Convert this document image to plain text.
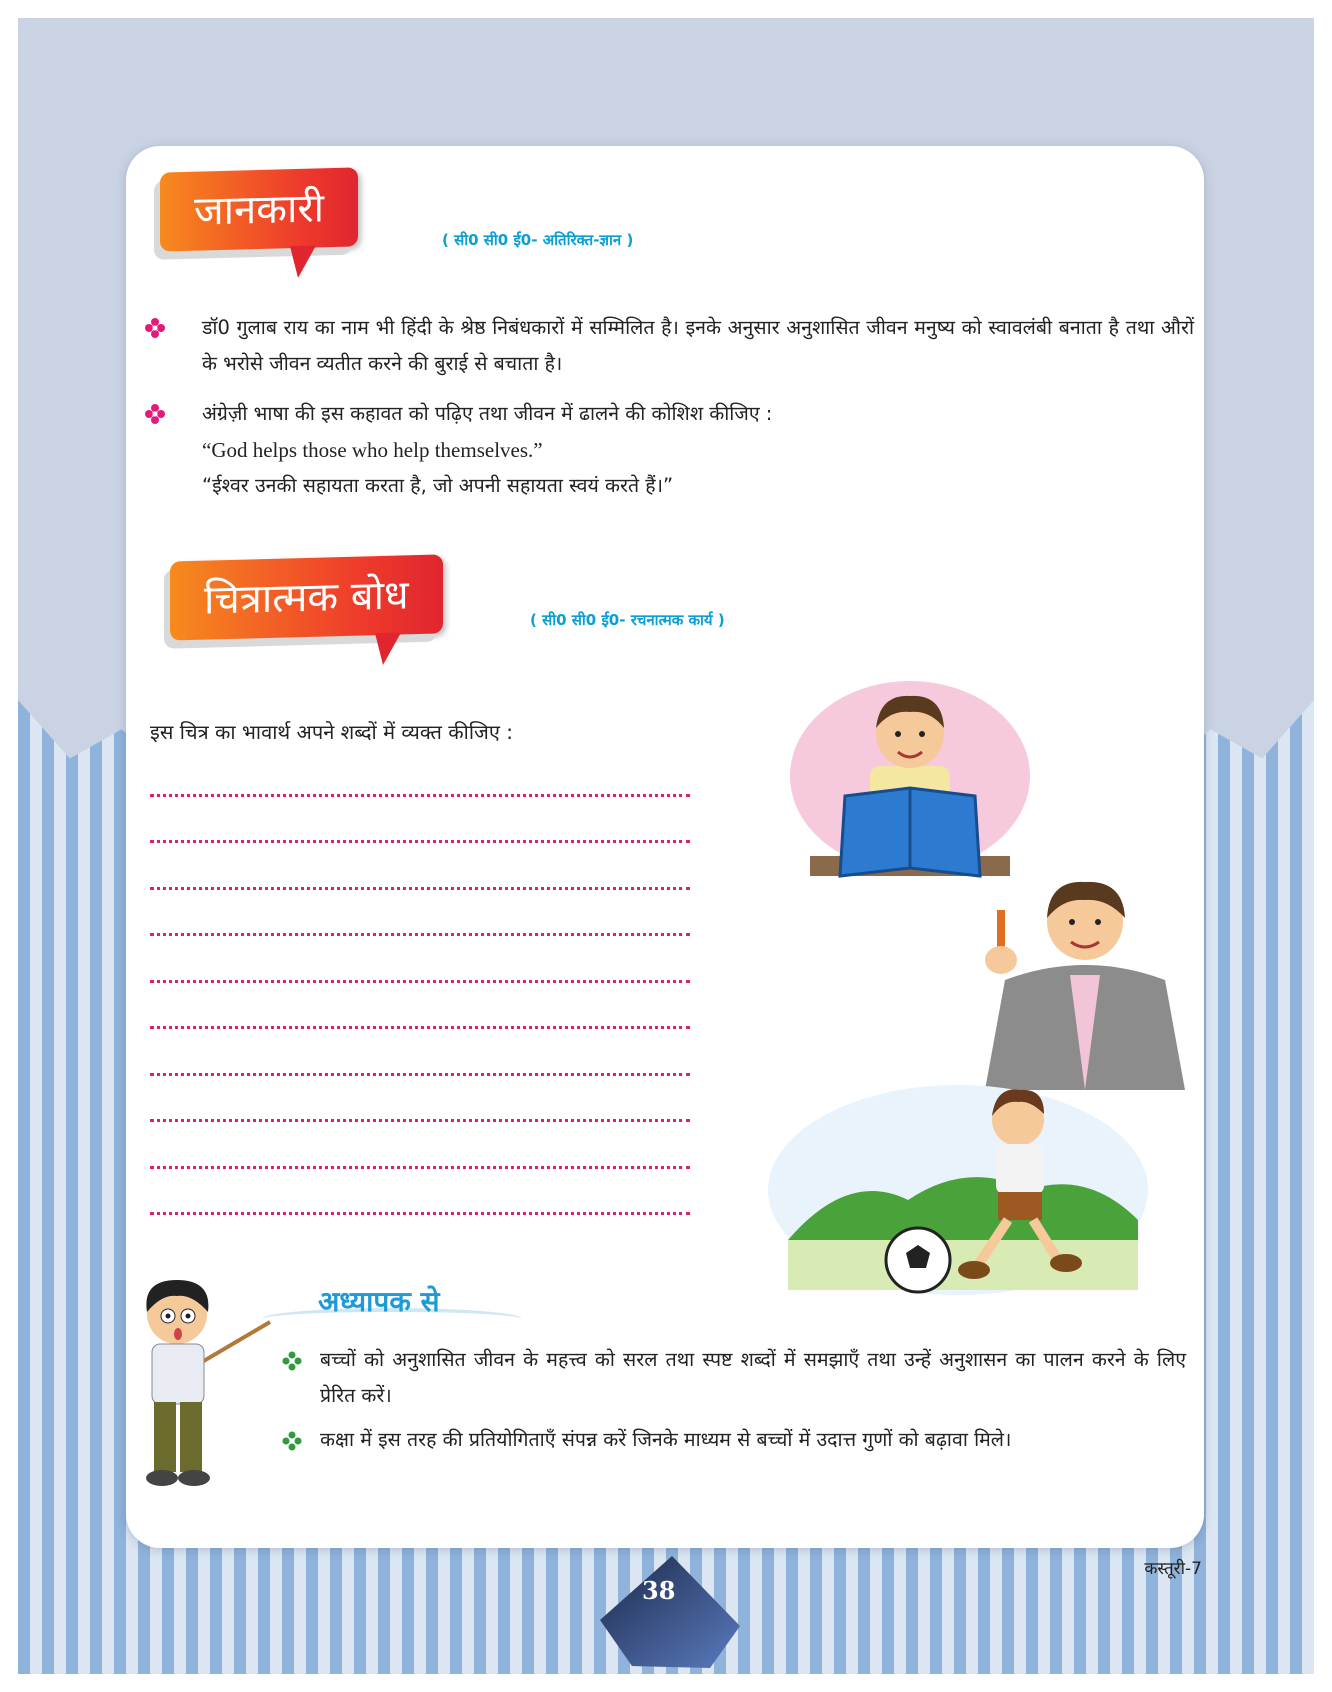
जानकारी
( सी0 सी0 ई0- अतिरिक्त-ज्ञान )
डॉ0 गुलाब राय का नाम भी हिंदी के श्रेष्ठ निबंधकारों में सम्मिलित है। इनके अनुसार अनुशासित जीवन मनुष्य को स्वावलंबी बनाता है तथा औरों के भरोसे जीवन व्यतीत करने की बुराई से बचाता है।
अंग्रेज़ी भाषा की इस कहावत को पढ़िए तथा जीवन में ढालने की कोशिश कीजिए :
“God helps those who help themselves.”
“ईश्वर उनकी सहायता करता है, जो अपनी सहायता स्वयं करते हैं।”
चित्रात्मक बोध	( सी0 सी0 ई0- रचनात्मक कार्य )
इस चित्र का भावार्थ अपने शब्दों में व्यक्त कीजिए :
अध्यापक से
बच्चों को अनुशासित जीवन के महत्त्व को सरल तथा स्पष्ट शब्दों में समझाएँ तथा उन्हें अनुशासन का पालन करने के लिए प्रेरित करें।
कक्षा में इस तरह की प्रतियोगिताएँ संपन्न करें जिनके माध्यम से बच्चों में उदात्त गुणों को बढ़ावा मिले।
कस्तूरी-7
38
